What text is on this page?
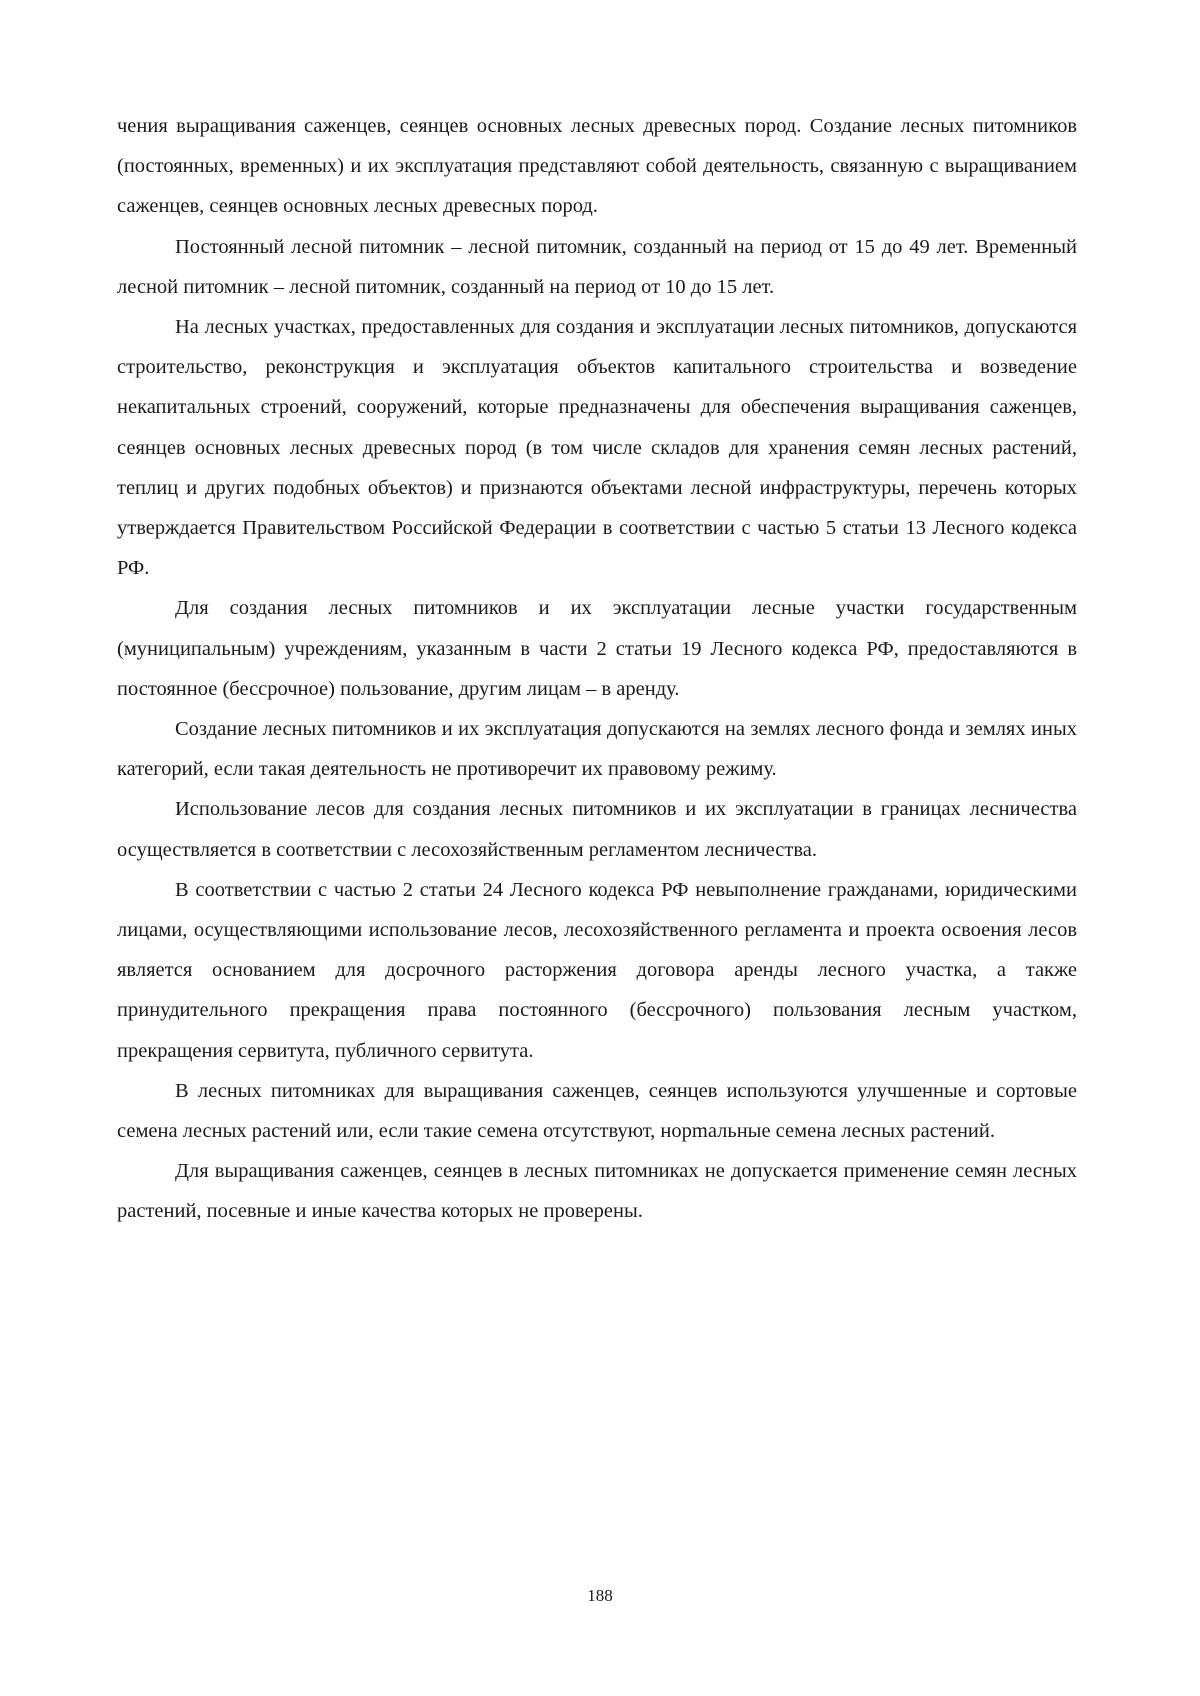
чения выращивания саженцев, сеянцев основных лесных древесных пород. Создание лесных питомников (постоянных, временных) и их эксплуатация представляют собой деятельность, связанную с выращиванием саженцев, сеянцев основных лесных древесных пород.

Постоянный лесной питомник – лесной питомник, созданный на период от 15 до 49 лет. Временный лесной питомник – лесной питомник, созданный на период от 10 до 15 лет.

На лесных участках, предоставленных для создания и эксплуатации лесных питомников, допускаются строительство, реконструкция и эксплуатация объектов капитального строительства и возведение некапитальных строений, сооружений, которые предназначены для обеспечения выращивания саженцев, сеянцев основных лесных древесных пород (в том числе складов для хранения семян лесных растений, теплиц и других подобных объектов) и признаются объектами лесной инфраструктуры, перечень которых утверждается Правительством Российской Федерации в соответствии с частью 5 статьи 13 Лесного кодекса РФ.

Для создания лесных питомников и их эксплуатации лесные участки государственным (муниципальным) учреждениям, указанным в части 2 статьи 19 Лесного кодекса РФ, предоставляются в постоянное (бессрочное) пользование, другим лицам – в аренду.

Создание лесных питомников и их эксплуатация допускаются на землях лесного фонда и землях иных категорий, если такая деятельность не противоречит их правовому режиму.

Использование лесов для создания лесных питомников и их эксплуатации в границах лесничества осуществляется в соответствии с лесохозяйственным регламентом лесничества.

В соответствии с частью 2 статьи 24 Лесного кодекса РФ невыполнение гражданами, юридическими лицами, осуществляющими использование лесов, лесохозяйственного регламента и проекта освоения лесов является основанием для досрочного расторжения договора аренды лесного участка, а также принудительного прекращения права постоянного (бессрочного) пользования лесным участком, прекращения сервитута, публичного сервитута.

В лесных питомниках для выращивания саженцев, сеянцев используются улучшенные и сортовые семена лесных растений или, если такие семена отсутствуют, норmальные семена лесных растений.

Для выращивания саженцев, сеянцев в лесных питомниках не допускается применение семян лесных растений, посевные и иные качества которых не проверены.

188
